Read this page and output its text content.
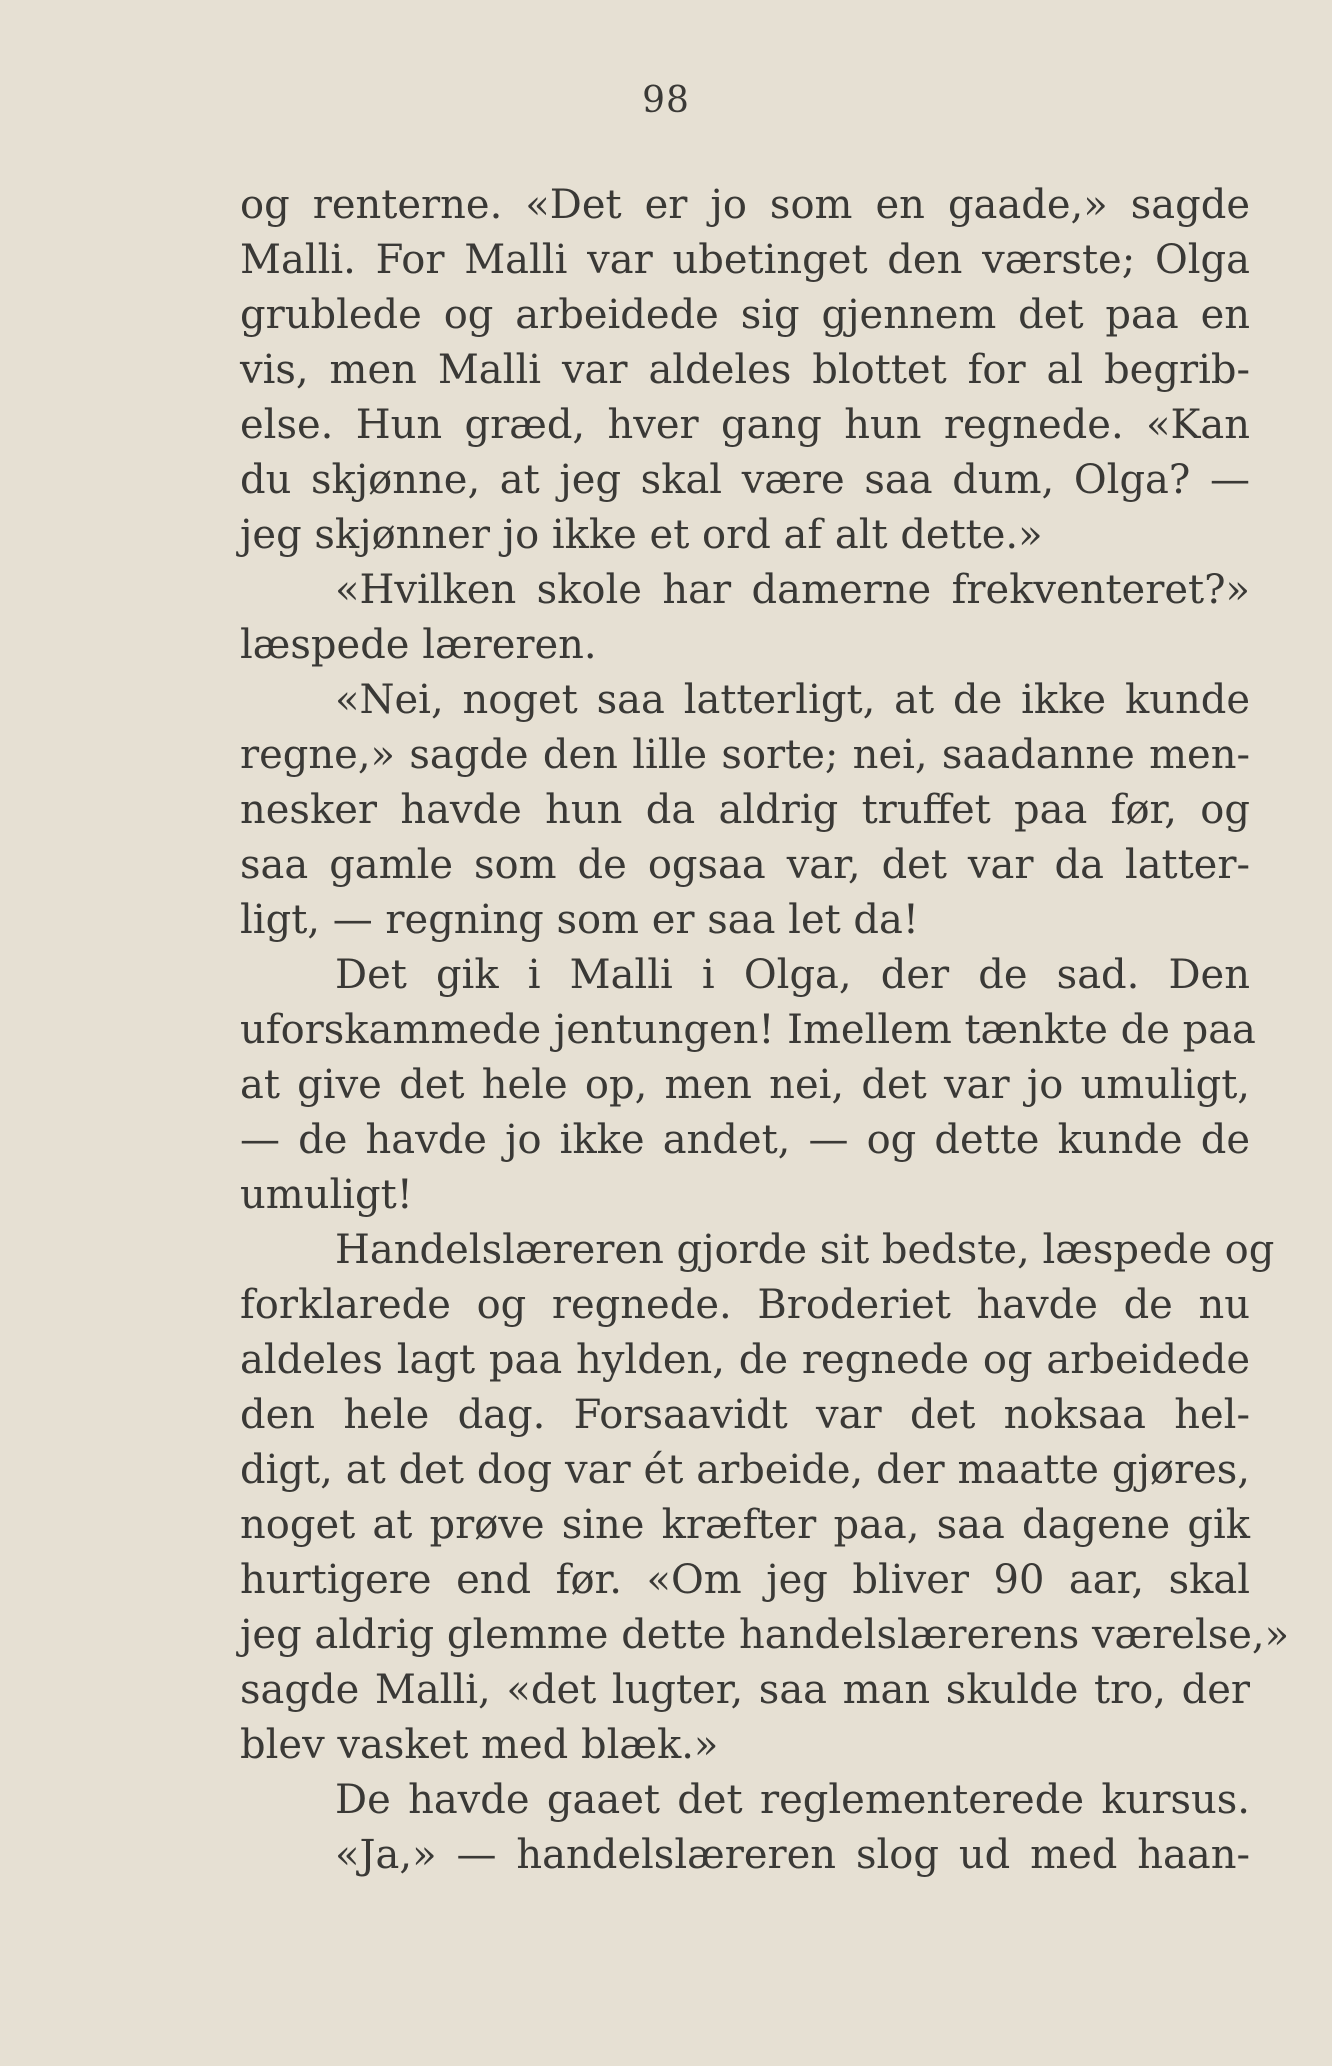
98
og renterne. «Det er jo som en gaade,» sagde
Malli. For Malli var ubetinget den værste; Olga
grublede og arbeidede sig gjennem det paa en
vis, men Malli var aldeles blottet for al begrib-
else. Hun græd, hver gang hun regnede. «Kan
du skjønne, at jeg skal være saa dum, Olga? —
jeg skjønner jo ikke et ord af alt dette.»
«Hvilken skole har damerne frekventeret?»
læspede læreren.
«Nei, noget saa latterligt, at de ikke kunde
regne,» sagde den lille sorte; nei, saadanne men-
nesker havde hun da aldrig truffet paa før, og
saa gamle som de ogsaa var, det var da latter-
ligt, — regning som er saa let da!
Det gik i Malli i Olga, der de sad. Den
uforskammede jentungen! Imellem tænkte de paa
at give det hele op, men nei, det var jo umuligt,
— de havde jo ikke andet, — og dette kunde de
umuligt!
Handelslæreren gjorde sit bedste, læspede og
forklarede og regnede. Broderiet havde de nu
aldeles lagt paa hylden, de regnede og arbeidede
den hele dag. Forsaavidt var det noksaa hel-
digt, at det dog var ét arbeide, der maatte gjøres,
noget at prøve sine kræfter paa, saa dagene gik
hurtigere end før. «Om jeg bliver 90 aar, skal
jeg aldrig glemme dette handelslærerens værelse,»
sagde Malli, «det lugter, saa man skulde tro, der
blev vasket med blæk.»
De havde gaaet det reglementerede kursus.
«Ja,» — handelslæreren slog ud med haan-
